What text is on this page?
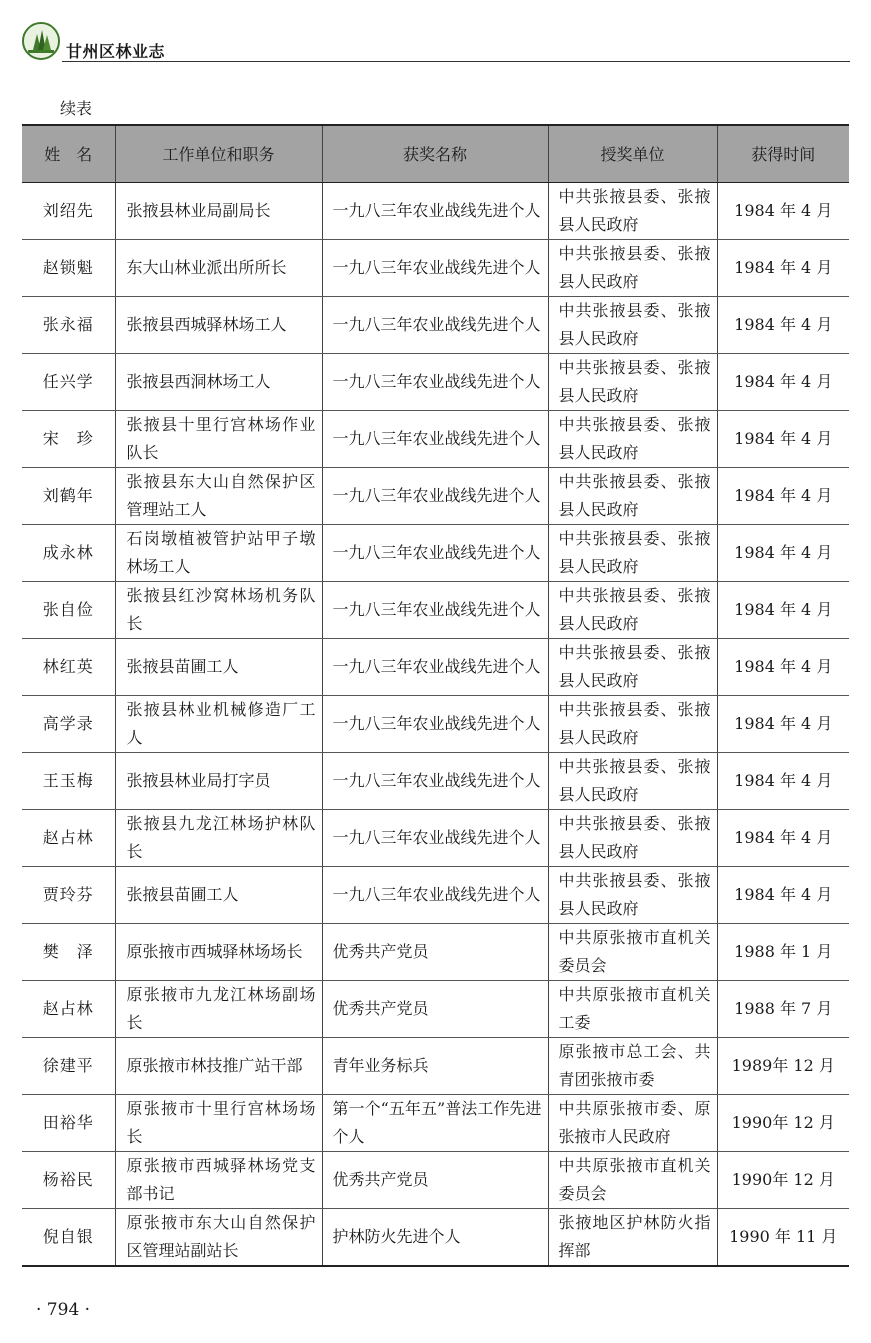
甘州区林业志
续表
姓　名	工作单位和职务	获奖名称	授奖单位	获得时间
刘绍先	张掖县林业局副局长	一九八三年农业战线先进个人	中共张掖县委、张掖县人民政府	1984 年 4 月
赵锁魁	东大山林业派出所所长	一九八三年农业战线先进个人	中共张掖县委、张掖县人民政府	1984 年 4 月
张永福	张掖县西城驿林场工人	一九八三年农业战线先进个人	中共张掖县委、张掖县人民政府	1984 年 4 月
任兴学	张掖县西洞林场工人	一九八三年农业战线先进个人	中共张掖县委、张掖县人民政府	1984 年 4 月
宋　珍	张掖县十里行宫林场作业队长	一九八三年农业战线先进个人	中共张掖县委、张掖县人民政府	1984 年 4 月
刘鹤年	张掖县东大山自然保护区管理站工人	一九八三年农业战线先进个人	中共张掖县委、张掖县人民政府	1984 年 4 月
成永林	石岗墩植被管护站甲子墩林场工人	一九八三年农业战线先进个人	中共张掖县委、张掖县人民政府	1984 年 4 月
张自俭	张掖县红沙窝林场机务队长	一九八三年农业战线先进个人	中共张掖县委、张掖县人民政府	1984 年 4 月
林红英	张掖县苗圃工人	一九八三年农业战线先进个人	中共张掖县委、张掖县人民政府	1984 年 4 月
高学录	张掖县林业机械修造厂工人	一九八三年农业战线先进个人	中共张掖县委、张掖县人民政府	1984 年 4 月
王玉梅	张掖县林业局打字员	一九八三年农业战线先进个人	中共张掖县委、张掖县人民政府	1984 年 4 月
赵占林	张掖县九龙江林场护林队长	一九八三年农业战线先进个人	中共张掖县委、张掖县人民政府	1984 年 4 月
贾玲芬	张掖县苗圃工人	一九八三年农业战线先进个人	中共张掖县委、张掖县人民政府	1984 年 4 月
樊　泽	原张掖市西城驿林场场长	优秀共产党员	中共原张掖市直机关委员会	1988 年 1 月
赵占林	原张掖市九龙江林场副场长	优秀共产党员	中共原张掖市直机关工委	1988 年 7 月
徐建平	原张掖市林技推广站干部	青年业务标兵	原张掖市总工会、共青团张掖市委	1989年 12 月
田裕华	原张掖市十里行宫林场场长	第一个“五年五”普法工作先进个人	中共原张掖市委、原张掖市人民政府	1990年 12 月
杨裕民	原张掖市西城驿林场党支部书记	优秀共产党员	中共原张掖市直机关委员会	1990年 12 月
倪自银	原张掖市东大山自然保护区管理站副站长	护林防火先进个人	张掖地区护林防火指挥部	1990 年 11 月
· 794 ·
